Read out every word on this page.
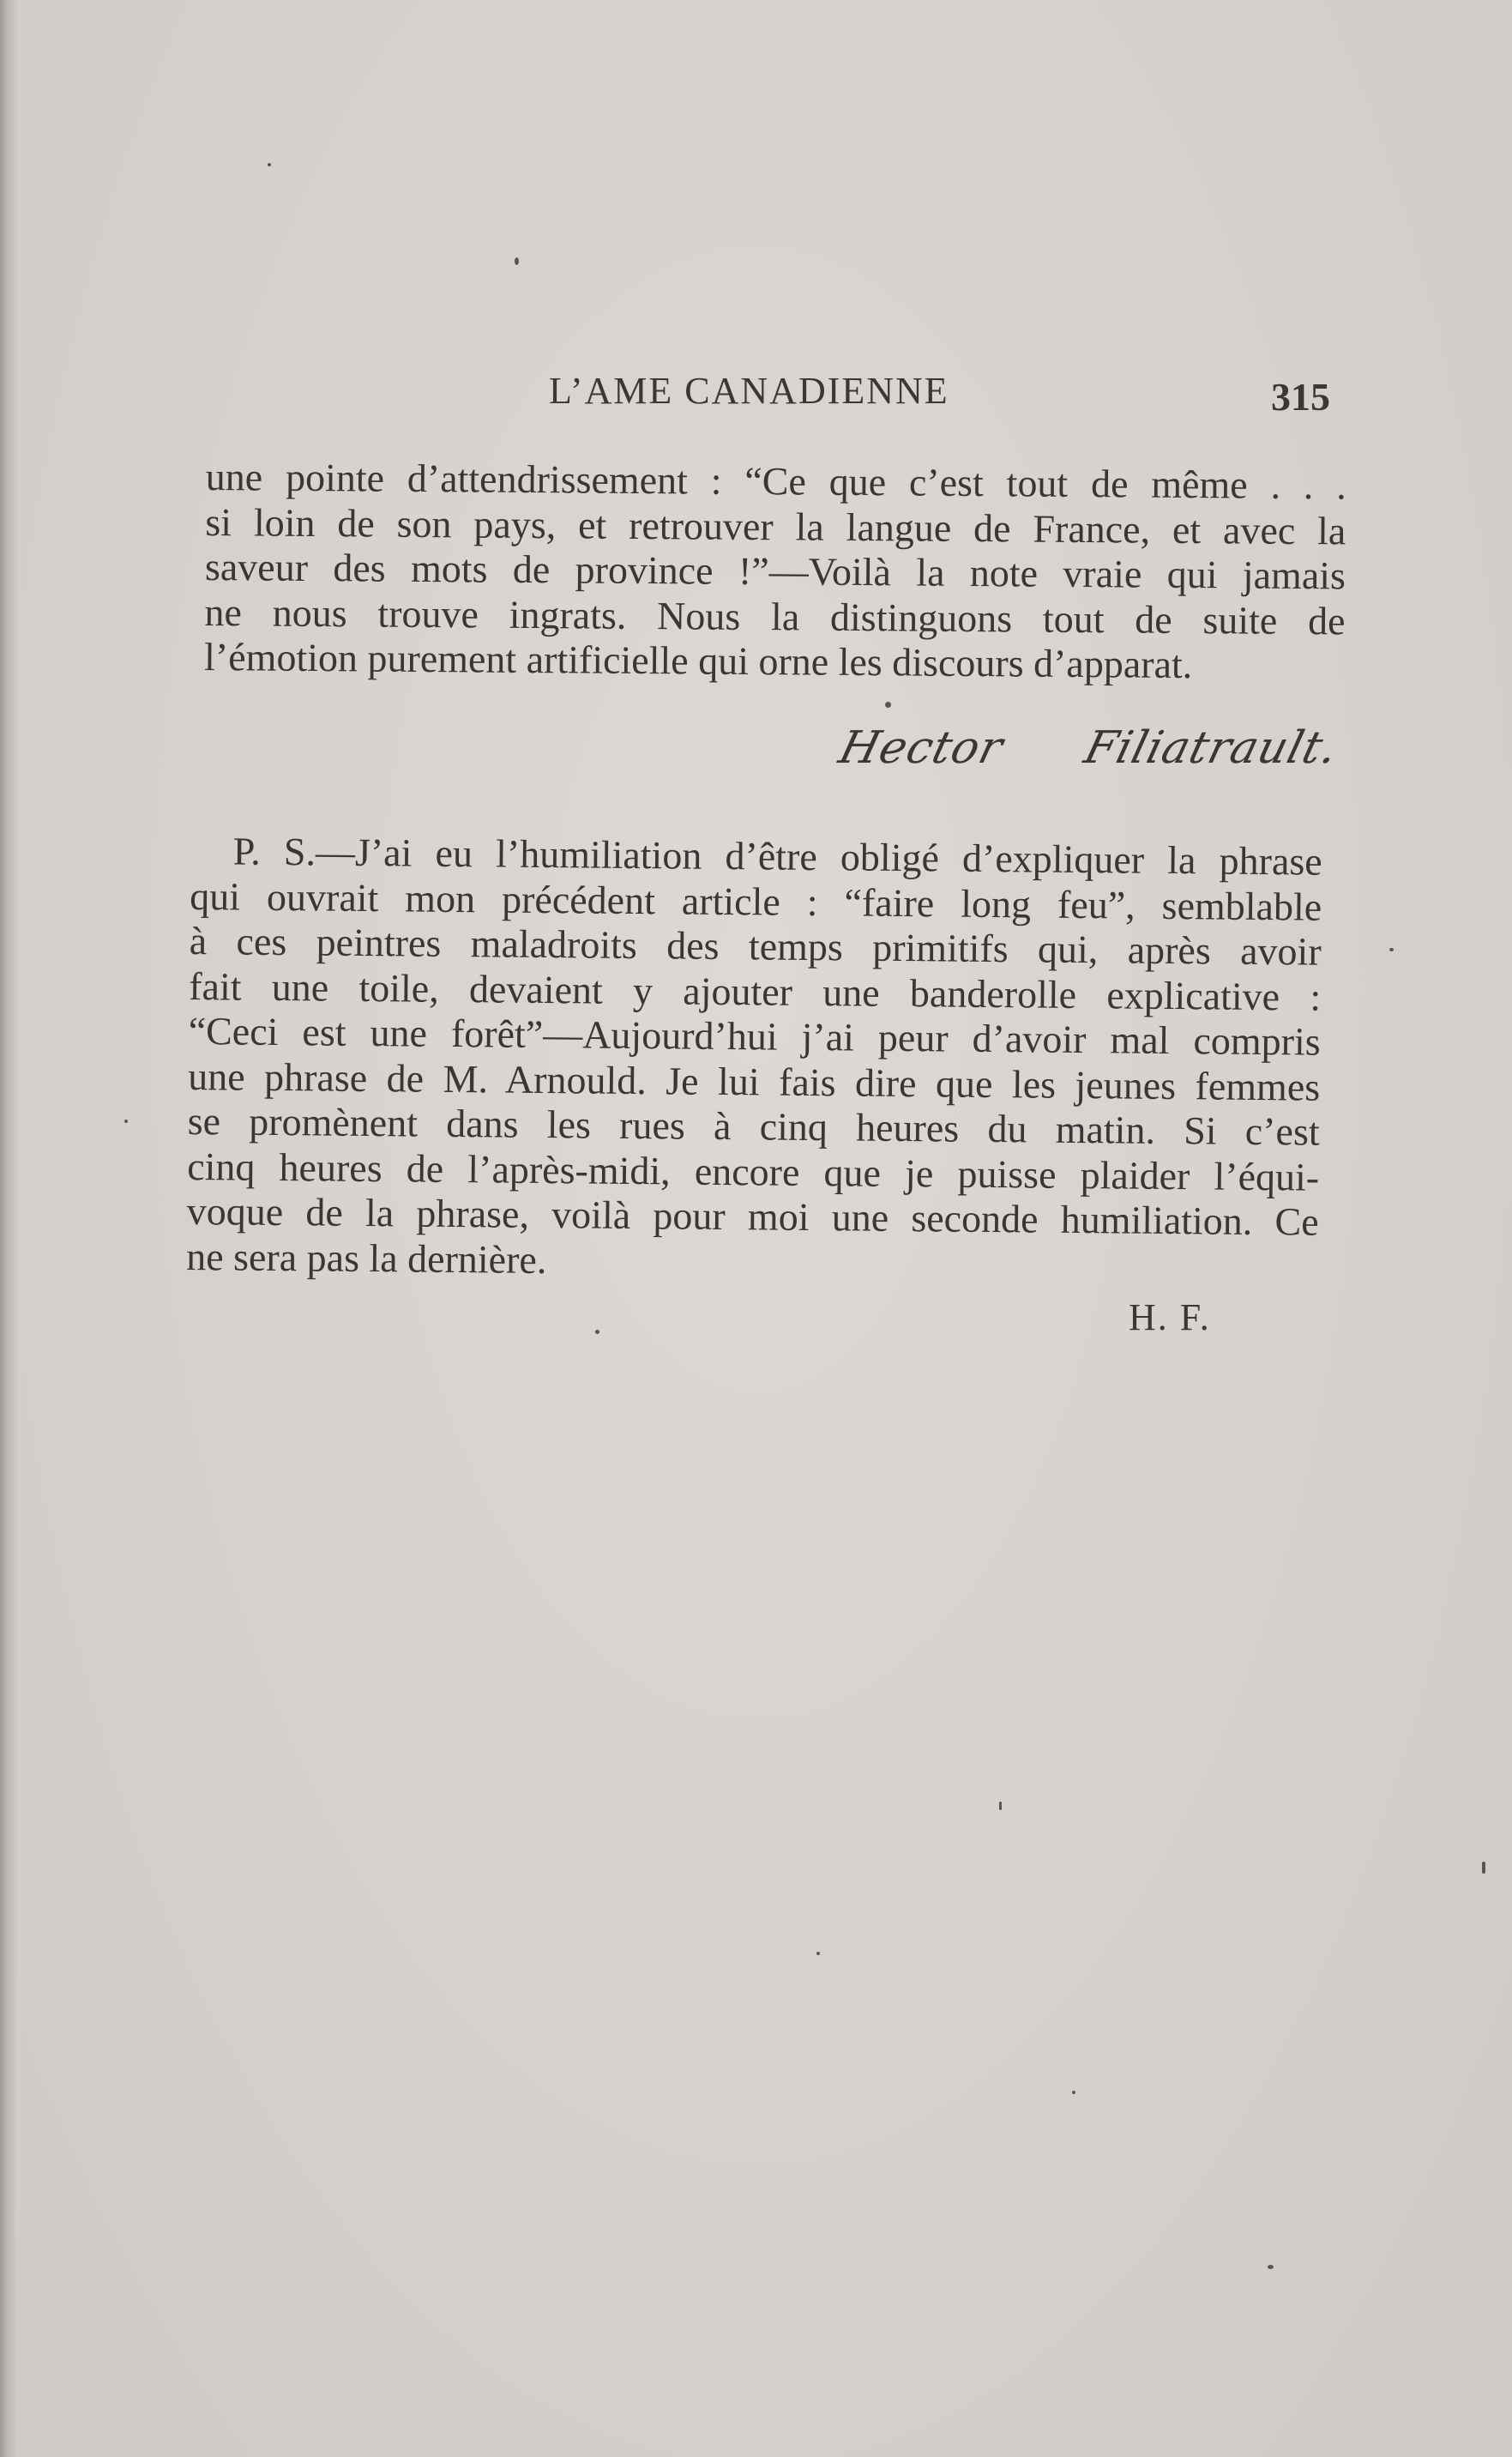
L’AME CANADIENNE	315
une pointe d’attendrissement : “Ce que c’est tout de même . . .
si loin de son pays, et retrouver la langue de France, et avec la
saveur des mots de province !”—Voilà la note vraie qui jamais
ne nous trouve ingrats. Nous la distinguons tout de suite de
l’émotion purement artificielle qui orne les discours d’apparat.
Hector Filiatrault.
P. S.—J’ai eu l’humiliation d’être obligé d’expliquer la phrase
qui ouvrait mon précédent article : “faire long feu”, semblable
à ces peintres maladroits des temps primitifs qui, après avoir
fait une toile, devaient y ajouter une banderolle explicative :
“Ceci est une forêt”—Aujourd’hui j’ai peur d’avoir mal compris
une phrase de M. Arnould. Je lui fais dire que les jeunes femmes
se promènent dans les rues à cinq heures du matin. Si c’est
cinq heures de l’après-midi, encore que je puisse plaider l’équi-
voque de la phrase, voilà pour moi une seconde humiliation. Ce
ne sera pas la dernière.
H. F.
